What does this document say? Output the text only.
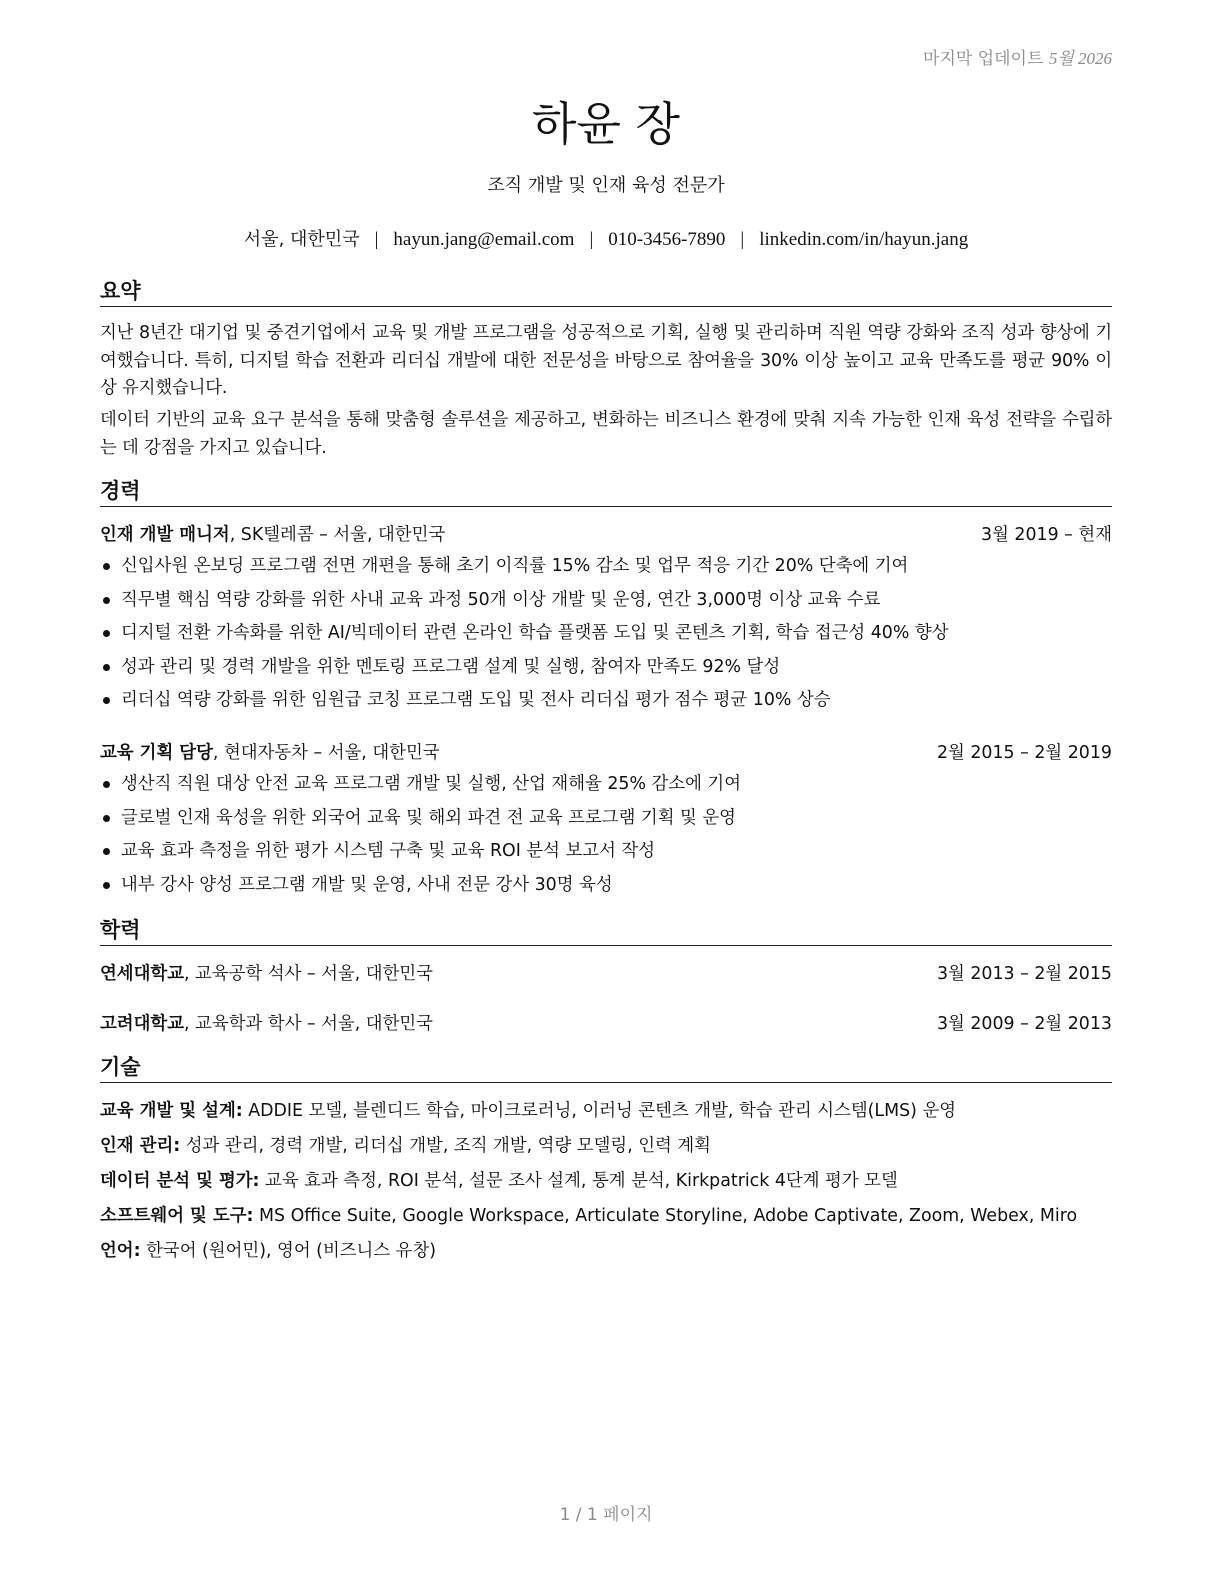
마지막 업데이트 5월 2026
하윤 장
조직 개발 및 인재 육성 전문가
서울, 대한민국 | hayun.jang@email.com | 010-3456-7890 | linkedin.com/in/hayun.jang
요약

지난 8년간 대기업 및 중견기업에서 교육 및 개발 프로그램을 성공적으로 기획, 실행 및 관리하며 직원 역량 강화와 조직 성과 향상에 기여했습니다. 특히, 디지털 학습 전환과 리더십 개발에 대한 전문성을 바탕으로 참여율을 30% 이상 높이고 교육 만족도를 평균 90% 이상 유지했습니다.

데이터 기반의 교육 요구 분석을 통해 맞춤형 솔루션을 제공하고, 변화하는 비즈니스 환경에 맞춰 지속 가능한 인재 육성 전략을 수립하는 데 강점을 가지고 있습니다.

경력
인재 개발 매니저, SK텔레콤 – 서울, 대한민국	3월 2019 – 현재
신입사원 온보딩 프로그램 전면 개편을 통해 초기 이직률 15% 감소 및 업무 적응 기간 20% 단축에 기여
직무별 핵심 역량 강화를 위한 사내 교육 과정 50개 이상 개발 및 운영, 연간 3,000명 이상 교육 수료
디지털 전환 가속화를 위한 AI/빅데이터 관련 온라인 학습 플랫폼 도입 및 콘텐츠 기획, 학습 접근성 40% 향상
성과 관리 및 경력 개발을 위한 멘토링 프로그램 설계 및 실행, 참여자 만족도 92% 달성
리더십 역량 강화를 위한 임원급 코칭 프로그램 도입 및 전사 리더십 평가 점수 평균 10% 상승
교육 기획 담당, 현대자동차 – 서울, 대한민국	2월 2015 – 2월 2019
생산직 직원 대상 안전 교육 프로그램 개발 및 실행, 산업 재해율 25% 감소에 기여
글로벌 인재 육성을 위한 외국어 교육 및 해외 파견 전 교육 프로그램 기획 및 운영
교육 효과 측정을 위한 평가 시스템 구축 및 교육 ROI 분석 보고서 작성
내부 강사 양성 프로그램 개발 및 운영, 사내 전문 강사 30명 육성
학력
연세대학교, 교육공학 석사 – 서울, 대한민국	3월 2013 – 2월 2015
고려대학교, 교육학과 학사 – 서울, 대한민국	3월 2009 – 2월 2013
기술
교육 개발 및 설계: ADDIE 모델, 블렌디드 학습, 마이크로러닝, 이러닝 콘텐츠 개발, 학습 관리 시스템(LMS) 운영
인재 관리: 성과 관리, 경력 개발, 리더십 개발, 조직 개발, 역량 모델링, 인력 계획
데이터 분석 및 평가: 교육 효과 측정, ROI 분석, 설문 조사 설계, 통계 분석, Kirkpatrick 4단계 평가 모델
소프트웨어 및 도구: MS Office Suite, Google Workspace, Articulate Storyline, Adobe Captivate, Zoom, Webex, Miro
언어: 한국어 (원어민), 영어 (비즈니스 유창)
1 / 1 페이지
